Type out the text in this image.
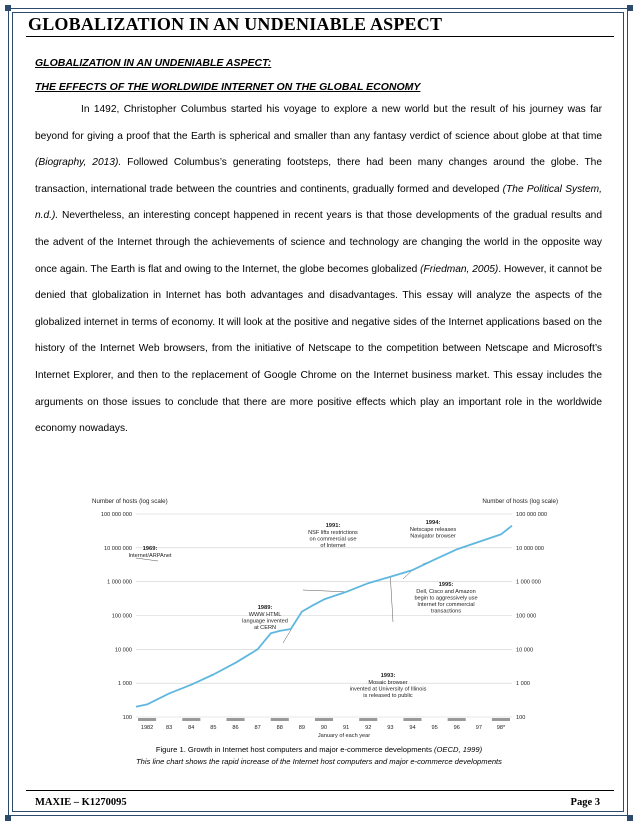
GLOBALIZATION IN AN UNDENIABLE ASPECT
GLOBALIZATION IN AN UNDENIABLE ASPECT:
THE EFFECTS OF THE WORLDWIDE INTERNET ON THE GLOBAL ECONOMY
In 1492, Christopher Columbus started his voyage to explore a new world but the result of his journey was far beyond for giving a proof that the Earth is spherical and smaller than any fantasy verdict of science about globe at that time (Biography, 2013). Followed Columbus’s generating footsteps, there had been many changes around the globe. The transaction, international trade between the countries and continents, gradually formed and developed (The Political System, n.d.). Nevertheless, an interesting concept happened in recent years is that those developments of the gradual results and the advent of the Internet through the achievements of science and technology are changing the world in the opposite way once again. The Earth is flat and owing to the Internet, the globe becomes globalized (Friedman, 2005). However, it cannot be denied that globalization in Internet has both advantages and disadvantages. This essay will analyze the aspects of the globalized internet in terms of economy. It will look at the positive and negative sides of the Internet applications based on the history of the Internet Web browsers, from the initiative of Netscape to the competition between Netscape and Microsoft’s Internet Explorer, and then to the replacement of Google Chrome on the Internet business market. This essay includes the arguments on those issues to conclude that there are more positive effects which play an important role in the worldwide economy nowadays.
Number of hosts (log scale)	Number of hosts (log scale)
100	100
1 000	1 000
10 000	10 000
100 000	100 000
1 000 000	1 000 000
10 000 000	10 000 000
100 000 000	100 000 000
1982 83	84	85	86	87	88	89	90	91	92	93	94	95	96	97	98*
January of each year
1969:
Internet/ARPAnet
1989:
WWW HTML
language invented
at CERN
1991:
NSF lifts restrictions
on commercial use
of Internet
1993:
Mosaic browser
invented at University of Illinois
is released to public
1994:
Netscape releases
Navigator browser
1995:
Dell, Cisco and Amazon
begin to aggressively use
Internet for commercial
transactions
Figure 1. Growth in Internet host computers and major e-commerce developments (OECD, 1999)
This line chart shows the rapid increase of the Internet host computers and major e-commerce developments
MAXIE – K1270095	Page 3
